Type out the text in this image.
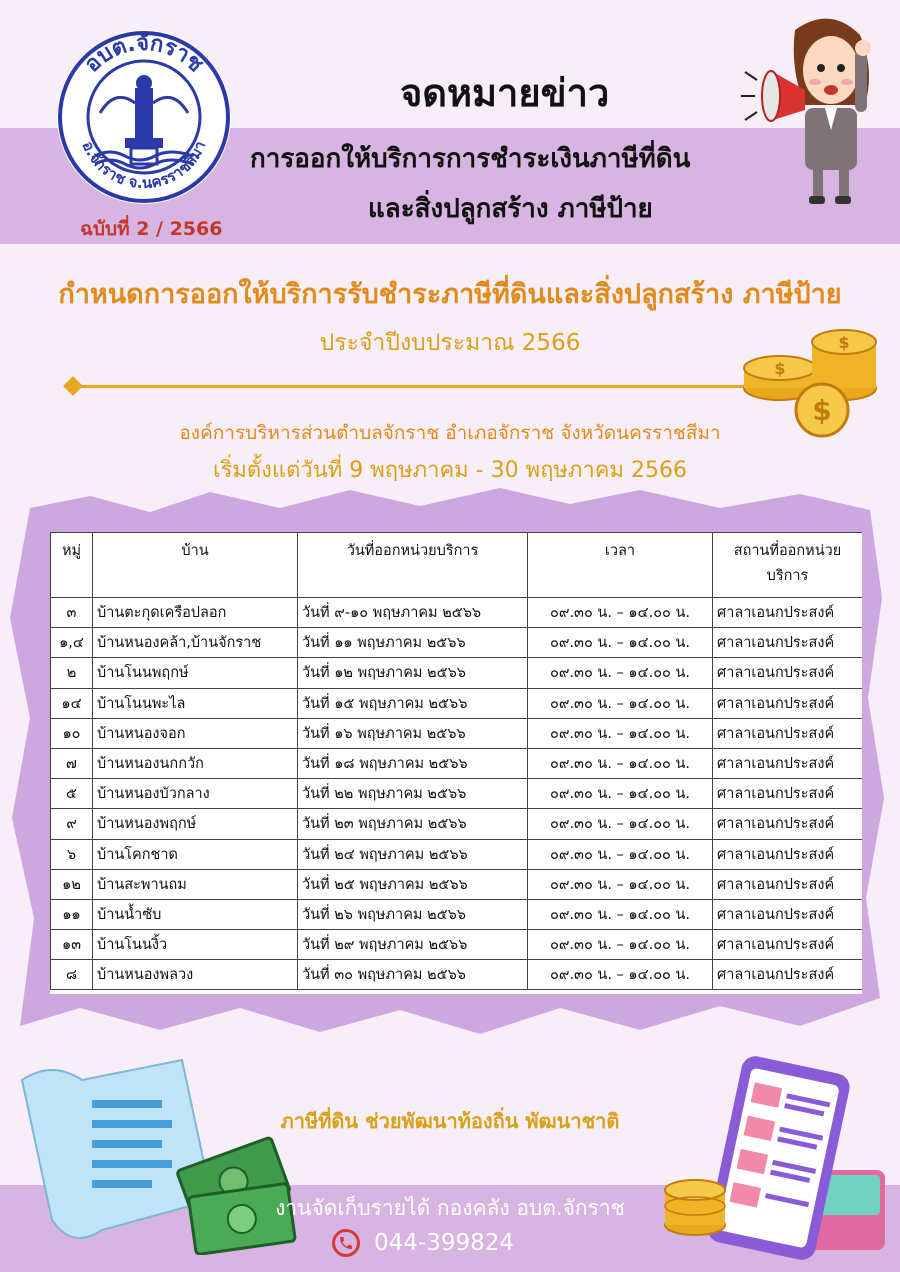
อบต.จักราช
อ.จักราช จ.นครราชสีมา
ฉบับที่ 2 / 2566
จดหมายข่าว
การออกให้บริการการชำระเงินภาษีที่ดิน
และสิ่งปลูกสร้าง ภาษีป้าย
กำหนดการออกให้บริการรับชำระภาษีที่ดินและสิ่งปลูกสร้าง ภาษีป้าย
ประจำปีงบประมาณ 2566
$
$
$
องค์การบริหารส่วนตำบลจักราช อำเภอจักราช จังหวัดนครราชสีมา
เริ่มตั้งแต่วันที่ 9 พฤษภาคม - 30 พฤษภาคม 2566
หมู่	บ้าน	วันที่ออกหน่วยบริการ	เวลา	สถานที่ออกหน่วย บริการ
๓	บ้านตะกุดเครือปลอก	วันที่ ๙-๑๐ พฤษภาคม ๒๕๖๖	๐๙.๓๐ น. – ๑๔.๐๐ น.	ศาลาเอนกประสงค์
๑,๔	บ้านหนองคล้า,บ้านจักราช	วันที่ ๑๑ พฤษภาคม ๒๕๖๖	๐๙.๓๐ น. – ๑๔.๐๐ น.	ศาลาเอนกประสงค์
๒	บ้านโนนพฤกษ์	วันที่ ๑๒ พฤษภาคม ๒๕๖๖	๐๙.๓๐ น. – ๑๔.๐๐ น.	ศาลาเอนกประสงค์
๑๔	บ้านโนนพะไล	วันที่ ๑๕ พฤษภาคม ๒๕๖๖	๐๙.๓๐ น. – ๑๔.๐๐ น.	ศาลาเอนกประสงค์
๑๐	บ้านหนองจอก	วันที่ ๑๖ พฤษภาคม ๒๕๖๖	๐๙.๓๐ น. – ๑๔.๐๐ น.	ศาลาเอนกประสงค์
๗	บ้านหนองนกกวัก	วันที่ ๑๘ พฤษภาคม ๒๕๖๖	๐๙.๓๐ น. – ๑๔.๐๐ น.	ศาลาเอนกประสงค์
๕	บ้านหนองบัวกลาง	วันที่ ๒๒ พฤษภาคม ๒๕๖๖	๐๙.๓๐ น. – ๑๔.๐๐ น.	ศาลาเอนกประสงค์
๙	บ้านหนองพฤกษ์	วันที่ ๒๓ พฤษภาคม ๒๕๖๖	๐๙.๓๐ น. – ๑๔.๐๐ น.	ศาลาเอนกประสงค์
๖	บ้านโคกชาด	วันที่ ๒๔ พฤษภาคม ๒๕๖๖	๐๙.๓๐ น. – ๑๔.๐๐ น.	ศาลาเอนกประสงค์
๑๒	บ้านสะพานถม	วันที่ ๒๕ พฤษภาคม ๒๕๖๖	๐๙.๓๐ น. – ๑๔.๐๐ น.	ศาลาเอนกประสงค์
๑๑	บ้านน้ำซับ	วันที่ ๒๖ พฤษภาคม ๒๕๖๖	๐๙.๓๐ น. – ๑๔.๐๐ น.	ศาลาเอนกประสงค์
๑๓	บ้านโนนงิ้ว	วันที่ ๒๙ พฤษภาคม ๒๕๖๖	๐๙.๓๐ น. – ๑๔.๐๐ น.	ศาลาเอนกประสงค์
๘	บ้านหนองพลวง	วันที่ ๓๐ พฤษภาคม ๒๕๖๖	๐๙.๓๐ น. – ๑๔.๐๐ น.	ศาลาเอนกประสงค์
ภาษีที่ดิน ช่วยพัฒนาท้องถิ่น พัฒนาชาติ
งานจัดเก็บรายได้ กองคลัง อบต.จักราช
044-399824
